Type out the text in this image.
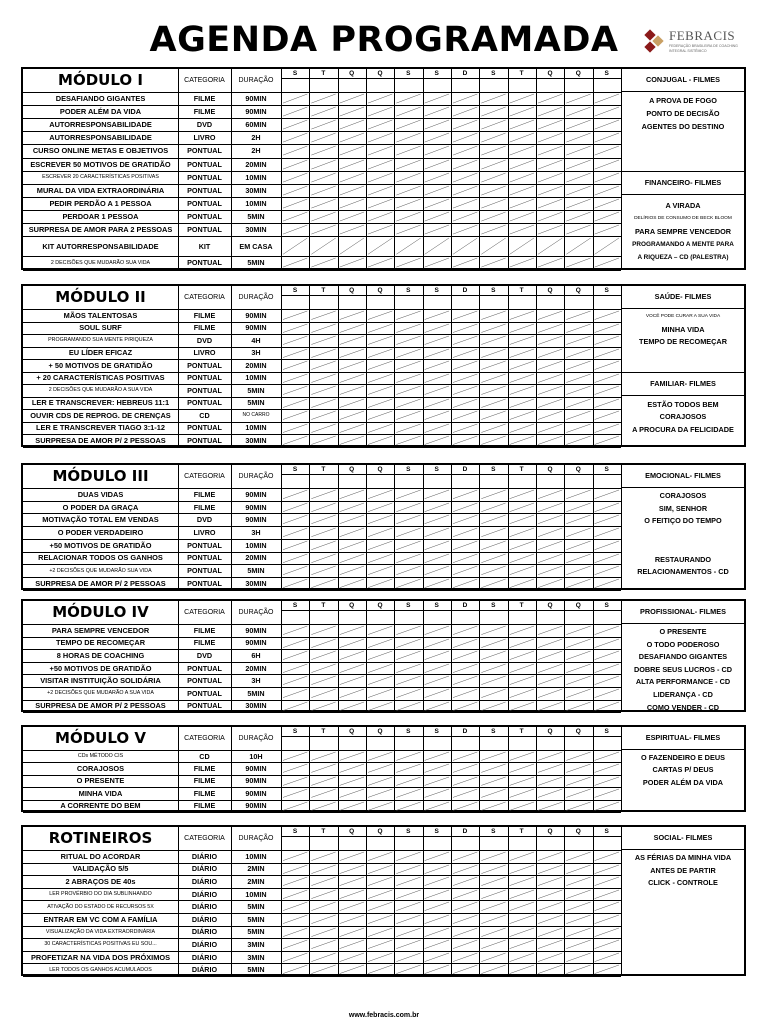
AGENDA PROGRAMADA	FEBRACIS
FEDERAÇÃO BRASILEIRA DE COACHING INTEGRAL SISTÊMICO
MÓDULO I	CATEGORIA	DURAÇÃO
S	T	Q	Q	S	S	D	S	T	Q	Q	S
DESAFIANDO GIGANTES	FILME	90MIN
PODER ALÉM DA VIDA	FILME	90MIN
AUTORRESPONSABILIDADE	DVD	60MIN
AUTORRESPONSABILIDADE	LIVRO	2H
CURSO ONLINE METAS E OBJETIVOS	PONTUAL	2H
ESCREVER 50 MOTIVOS DE GRATIDÃO	PONTUAL	20MIN
ESCREVER 20 CARACTERÍSTICAS POSITIVAS	PONTUAL	10MIN
MURAL DA VIDA EXTRAORDINÁRIA	PONTUAL	30MIN
PEDIR PERDÃO A 1 PESSOA	PONTUAL	10MIN
PERDOAR 1 PESSOA	PONTUAL	5MIN
SURPRESA DE AMOR PARA 2 PESSOAS	PONTUAL	30MIN
KIT AUTORRESPONSABILIDADE	KIT	EM CASA
2 DECISÕES QUE MUDARÃO SUA VIDA	PONTUAL	5MIN
CONJUGAL - FILMES
A PROVA DE FOGO
PONTO DE DECISÃO
AGENTES DO DESTINO
FINANCEIRO- FILMES
A VIRADA
DELÍRIOS DE CONSUMO DE BECK BLOOM
PARA SEMPRE VENCEDOR
PROGRAMANDO A MENTE PARA
A RIQUEZA – CD (PALESTRA)
MÓDULO II	CATEGORIA	DURAÇÃO
S	T	Q	Q	S	S	D	S	T	Q	Q	S
MÃOS TALENTOSAS	FILME	90MIN
SOUL SURF	FILME	90MIN
PROGRAMANDO SUA MENTE P/RIQUEZA	DVD	4H
EU LÍDER EFICAZ	LIVRO	3H
+ 50 MOTIVOS DE GRATIDÃO	PONTUAL	20MIN
+ 20 CARACTERÍSTICAS POSITIVAS	PONTUAL	10MIN
2 DECISÕES QUE MUDARÃO A SUA VIDA	PONTUAL	5MIN
LER E TRANSCREVER: HEBREUS 11:1	PONTUAL	5MIN
OUVIR CDS DE REPROG. DE CRENÇAS	CD	NO CARRO
LER E TRANSCREVER TIAGO 3:1-12	PONTUAL	10MIN
SURPRESA DE AMOR P/ 2 PESSOAS	PONTUAL	30MIN
SAÚDE- FILMES
VOCÊ PODE CURAR A SUA VIDA
MINHA VIDA
TEMPO DE RECOMEÇAR
FAMILIAR- FILMES
ESTÃO TODOS BEM
CORAJOSOS
A PROCURA DA FELICIDADE
MÓDULO III	CATEGORIA	DURAÇÃO
S	T	Q	Q	S	S	D	S	T	Q	Q	S
DUAS VIDAS	FILME	90MIN
O PODER DA GRAÇA	FILME	90MIN
MOTIVAÇÃO TOTAL EM VENDAS	DVD	90MIN
O PODER VERDADEIRO	LIVRO	3H
+50 MOTIVOS DE GRATIDÃO	PONTUAL	10MIN
RELACIONAR TODOS OS GANHOS	PONTUAL	20MIN
+2 DECISÕES QUE MUDARÃO SUA VIDA	PONTUAL	5MIN
SURPRESA DE AMOR P/ 2 PESSOAS	PONTUAL	30MIN
EMOCIONAL- FILMES
CORAJOSOS
SIM, SENHOR
O FEITIÇO DO TEMPO
RESTAURANDO
RELACIONAMENTOS - CD
MÓDULO IV	CATEGORIA	DURAÇÃO
S	T	Q	Q	S	S	D	S	T	Q	Q	S
PARA SEMPRE VENCEDOR	FILME	90MIN
TEMPO DE RECOMEÇAR	FILME	90MIN
8 HORAS DE COACHING	DVD	6H
+50 MOTIVOS DE GRATIDÃO	PONTUAL	20MIN
VISITAR INSTITUIÇÃO SOLIDÁRIA	PONTUAL	3H
+2 DECISÕES QUE MUDARÃO A SUA VIDA	PONTUAL	5MIN
SURPRESA DE AMOR P/ 2 PESSOAS	PONTUAL	30MIN
PROFISSIONAL- FILMES
O PRESENTE
O TODO PODEROSO
DESAFIANDO GIGANTES
DOBRE SEUS LUCROS - CD
ALTA PERFORMANCE - CD
LIDERANÇA - CD
COMO VENDER - CD
MÓDULO V	CATEGORIA	DURAÇÃO
S	T	Q	Q	S	S	D	S	T	Q	Q	S
CDs MÉTODO CIS	CD	10H
CORAJOSOS	FILME	90MIN
O PRESENTE	FILME	90MIN
MINHA VIDA	FILME	90MIN
A CORRENTE DO BEM	FILME	90MIN
ESPIRITUAL- FILMES
O FAZENDEIRO E DEUS
CARTAS P/ DEUS
PODER ALÉM DA VIDA
ROTINEIROS	CATEGORIA	DURAÇÃO
S	T	Q	Q	S	S	D	S	T	Q	Q	S
RITUAL DO ACORDAR	DIÁRIO	10MIN
VALIDAÇÃO 5/5	DIÁRIO	2MIN
2 ABRAÇOS DE 40s	DIÁRIO	2MIN
LER PROVÉRBIO DO DIA SUBLINHANDO	DIÁRIO	10MIN
ATIVAÇÃO DO ESTADO DE RECURSOS 5X	DIÁRIO	5MIN
ENTRAR EM VC COM A FAMÍLIA	DIÁRIO	5MIN
VISUALIZAÇÃO DA VIDA EXTRAORDINÁRIA	DIÁRIO	5MIN
30 CARACTERÍSTICAS POSITIVAS EU SOU...	DIÁRIO	3MIN
PROFETIZAR NA VIDA DOS PRÓXIMOS	DIÁRIO	3MIN
LER TODOS OS GANHOS ACUMULADOS	DIÁRIO	5MIN
SOCIAL- FILMES
AS FÉRIAS DA MINHA VIDA
ANTES DE PARTIR
CLICK - CONTROLE
www.febracis.com.br
